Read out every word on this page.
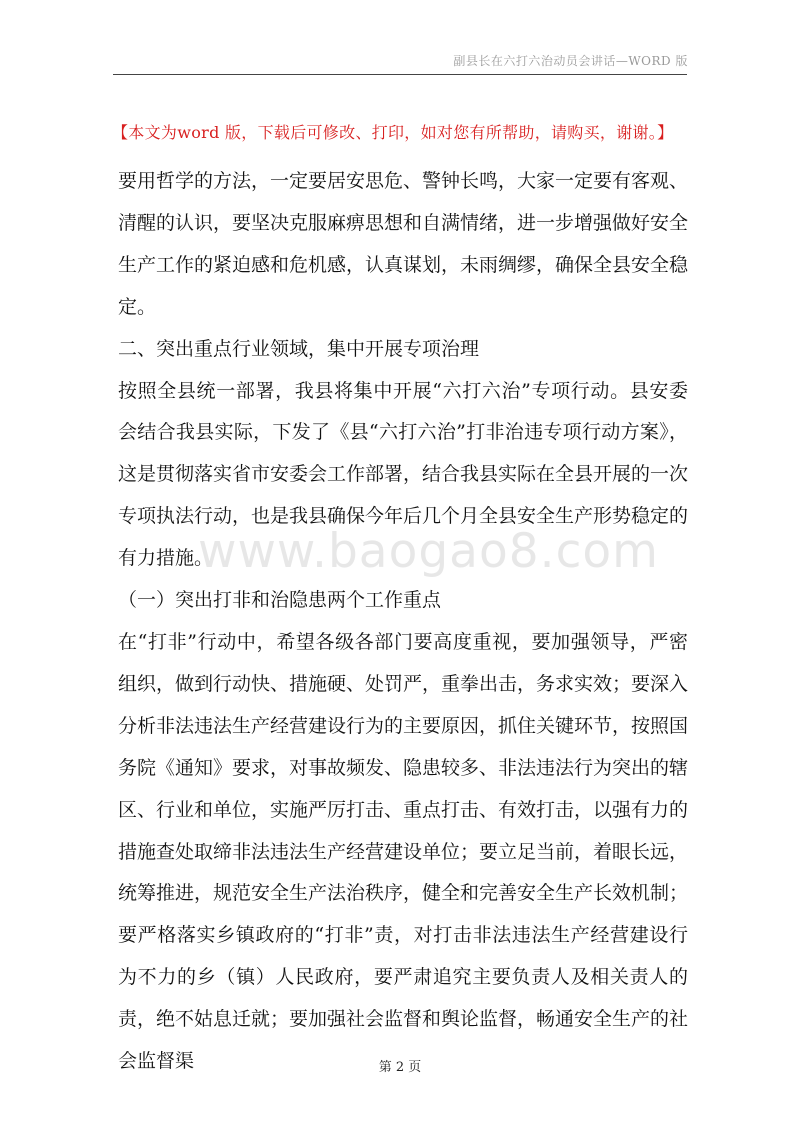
副县长在六打六治动员会讲话—WORD 版
【本文为word 版，下载后可修改、打印，如对您有所帮助，请购买，谢谢。】

要用哲学的方法，一定要居安思危、警钟长鸣，大家一定要有客观、清醒的认识，要坚决克服麻痹思想和自满情绪，进一步增强做好安全生产工作的紧迫感和危机感，认真谋划，未雨绸缪，确保全县安全稳定。

二、突出重点行业领域，集中开展专项治理

按照全县统一部署，我县将集中开展“六打六治”专项行动。县安委会结合我县实际，下发了《县“六打六治”打非治违专项行动方案》，这是贯彻落实省市安委会工作部署，结合我县实际在全县开展的一次专项执法行动，也是我县确保今年后几个月全县安全生产形势稳定的有力措施。

（一）突出打非和治隐患两个工作重点

在“打非”行动中，希望各级各部门要高度重视，要加强领导，严密组织，做到行动快、措施硬、处罚严，重拳出击，务求实效；要深入分析非法违法生产经营建设行为的主要原因，抓住关键环节，按照国务院《通知》要求，对事故频发、隐患较多、非法违法行为突出的辖区、行业和单位，实施严厉打击、重点打击、有效打击，以强有力的措施查处取缔非法违法生产经营建设单位；要立足当前，着眼长远，统筹推进，规范安全生产法治秩序，健全和完善安全生产长效机制；要严格落实乡镇政府的“打非”责，对打击非法违法生产经营建设行为不力的乡（镇）人民政府，要严肃追究主要负责人及相关责人的责，绝不姑息迁就；要加强社会监督和舆论监督，畅通安全生产的社会监督渠

www.baogao8.com
第 2 页
